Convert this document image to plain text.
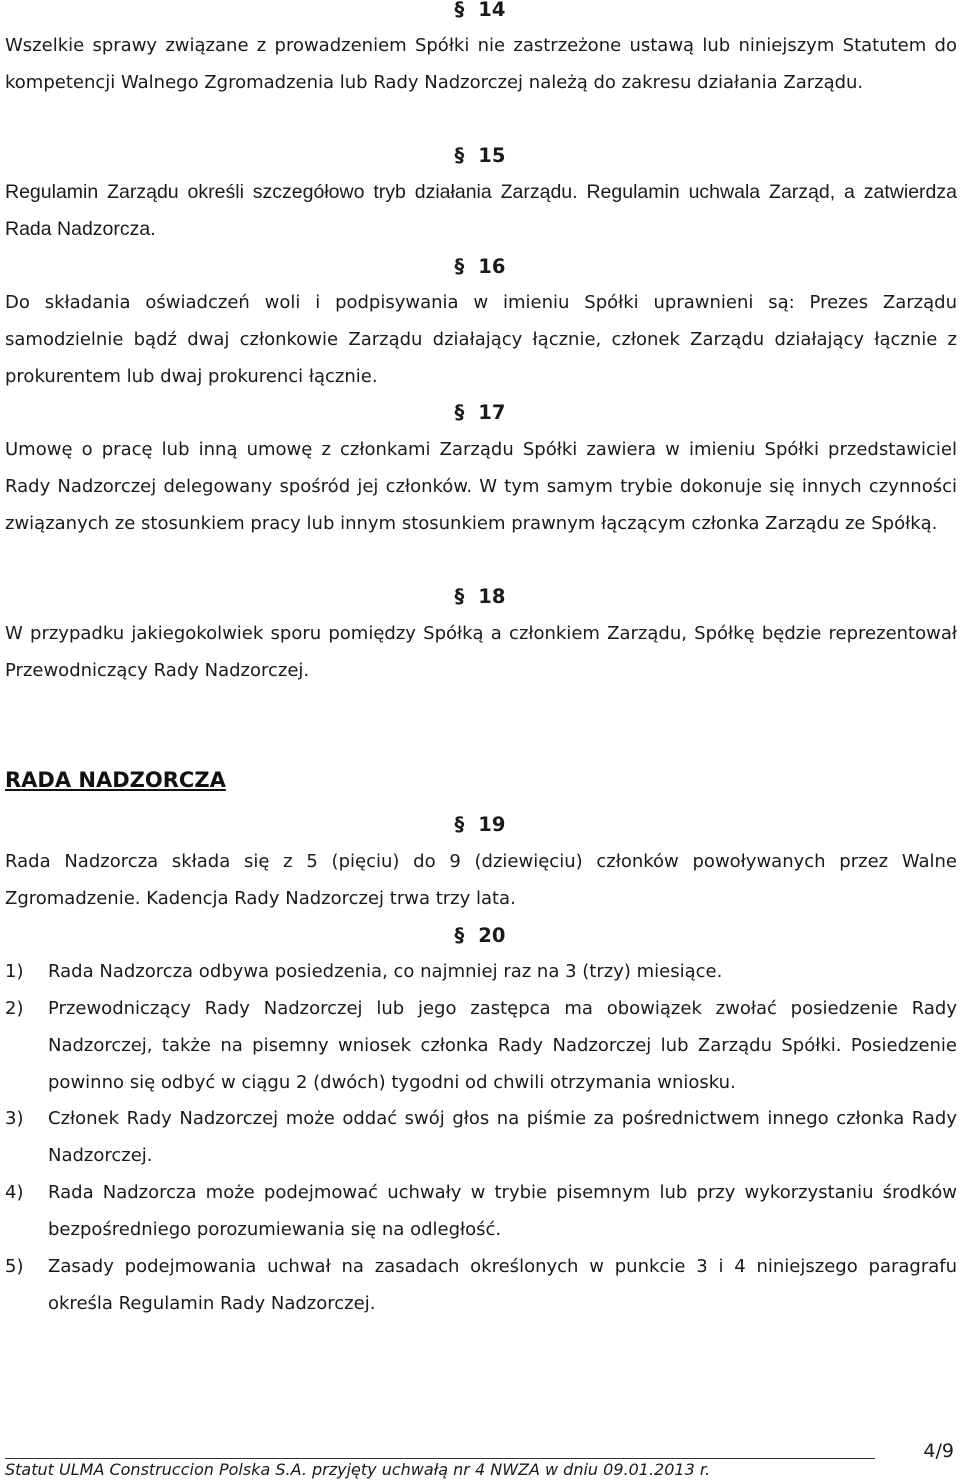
§ 14
Wszelkie sprawy związane z prowadzeniem Spółki nie zastrzeżone ustawą lub niniejszym Statutem do kompetencji Walnego Zgromadzenia lub Rady Nadzorczej należą do zakresu działania Zarządu.
§ 15
Regulamin Zarządu określi szczegółowo tryb działania Zarządu. Regulamin uchwala Zarząd, a zatwierdza Rada Nadzorcza.
§ 16
Do składania oświadczeń woli i podpisywania w imieniu Spółki uprawnieni są: Prezes Zarządu samodzielnie bądź dwaj członkowie Zarządu działający łącznie, członek Zarządu działający łącznie z prokurentem lub dwaj prokurenci łącznie.
§ 17
Umowę o pracę lub inną umowę z członkami Zarządu Spółki zawiera w imieniu Spółki przedstawiciel Rady Nadzorczej delegowany spośród jej członków. W tym samym trybie dokonuje się innych czynności związanych ze stosunkiem pracy lub innym stosunkiem prawnym łączącym członka Zarządu ze Spółką.
§ 18
W przypadku jakiegokolwiek sporu pomiędzy Spółką a członkiem Zarządu, Spółkę będzie reprezentował Przewodniczący Rady Nadzorczej.
RADA NADZORCZA
§ 19
Rada Nadzorcza składa się z 5 (pięciu) do 9 (dziewięciu) członków powoływanych przez Walne Zgromadzenie. Kadencja Rady Nadzorczej trwa trzy lata.
§ 20
1) Rada Nadzorcza odbywa posiedzenia, co najmniej raz na 3 (trzy) miesiące.
2) Przewodniczący Rady Nadzorczej lub jego zastępca ma obowiązek zwołać posiedzenie Rady Nadzorczej, także na pisemny wniosek członka Rady Nadzorczej lub Zarządu Spółki. Posiedzenie powinno się odbyć w ciągu 2 (dwóch) tygodni od chwili otrzymania wniosku.
3) Członek Rady Nadzorczej może oddać swój głos na piśmie za pośrednictwem innego członka Rady Nadzorczej.
4) Rada Nadzorcza może podejmować uchwały w trybie pisemnym lub przy wykorzystaniu środków bezpośredniego porozumiewania się na odległość.
5) Zasady podejmowania uchwał na zasadach określonych w punkcie 3 i 4 niniejszego paragrafu określa Regulamin Rady Nadzorczej.
4/9
Statut ULMA Construccion Polska S.A. przyjęty uchwałą nr 4 NWZA w dniu 09.01.2013 r.
